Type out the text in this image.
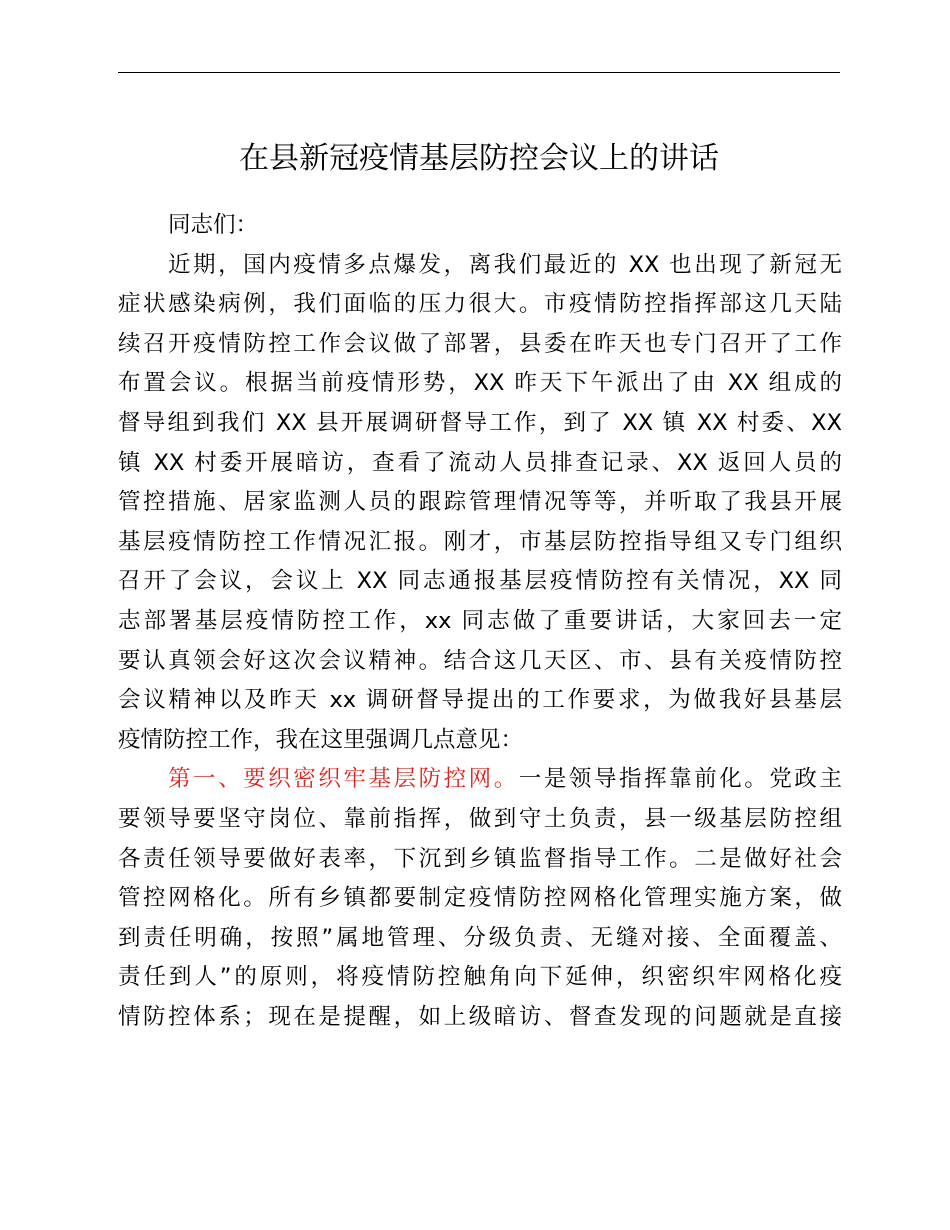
在县新冠疫情基层防控会议上的讲话
同志们：
近期，国内疫情多点爆发，离我们最近的 XX 也出现了新冠无
症状感染病例，我们面临的压力很大。市疫情防控指挥部这几天陆
续召开疫情防控工作会议做了部署，县委在昨天也专门召开了工作
布置会议。根据当前疫情形势，XX 昨天下午派出了由 XX 组成的
督导组到我们 XX 县开展调研督导工作，到了 XX 镇 XX 村委、XX
镇 XX 村委开展暗访，查看了流动人员排查记录、XX 返回人员的
管控措施、居家监测人员的跟踪管理情况等等，并听取了我县开展
基层疫情防控工作情况汇报。刚才，市基层防控指导组又专门组织
召开了会议，会议上 XX 同志通报基层疫情防控有关情况，XX 同
志部署基层疫情防控工作，xx 同志做了重要讲话，大家回去一定
要认真领会好这次会议精神。结合这几天区、市、县有关疫情防控
会议精神以及昨天 xx 调研督导提出的工作要求，为做我好县基层
疫情防控工作，我在这里强调几点意见：
第一、要织密织牢基层防控网。一是领导指挥靠前化。党政主
要领导要坚守岗位、靠前指挥，做到守土负责，县一级基层防控组
各责任领导要做好表率，下沉到乡镇监督指导工作。二是做好社会
管控网格化。所有乡镇都要制定疫情防控网格化管理实施方案，做
到责任明确，按照”属地管理、分级负责、无缝对接、全面覆盖、
责任到人”的原则，将疫情防控触角向下延伸，织密织牢网格化疫
情防控体系；现在是提醒，如上级暗访、督查发现的问题就是直接
